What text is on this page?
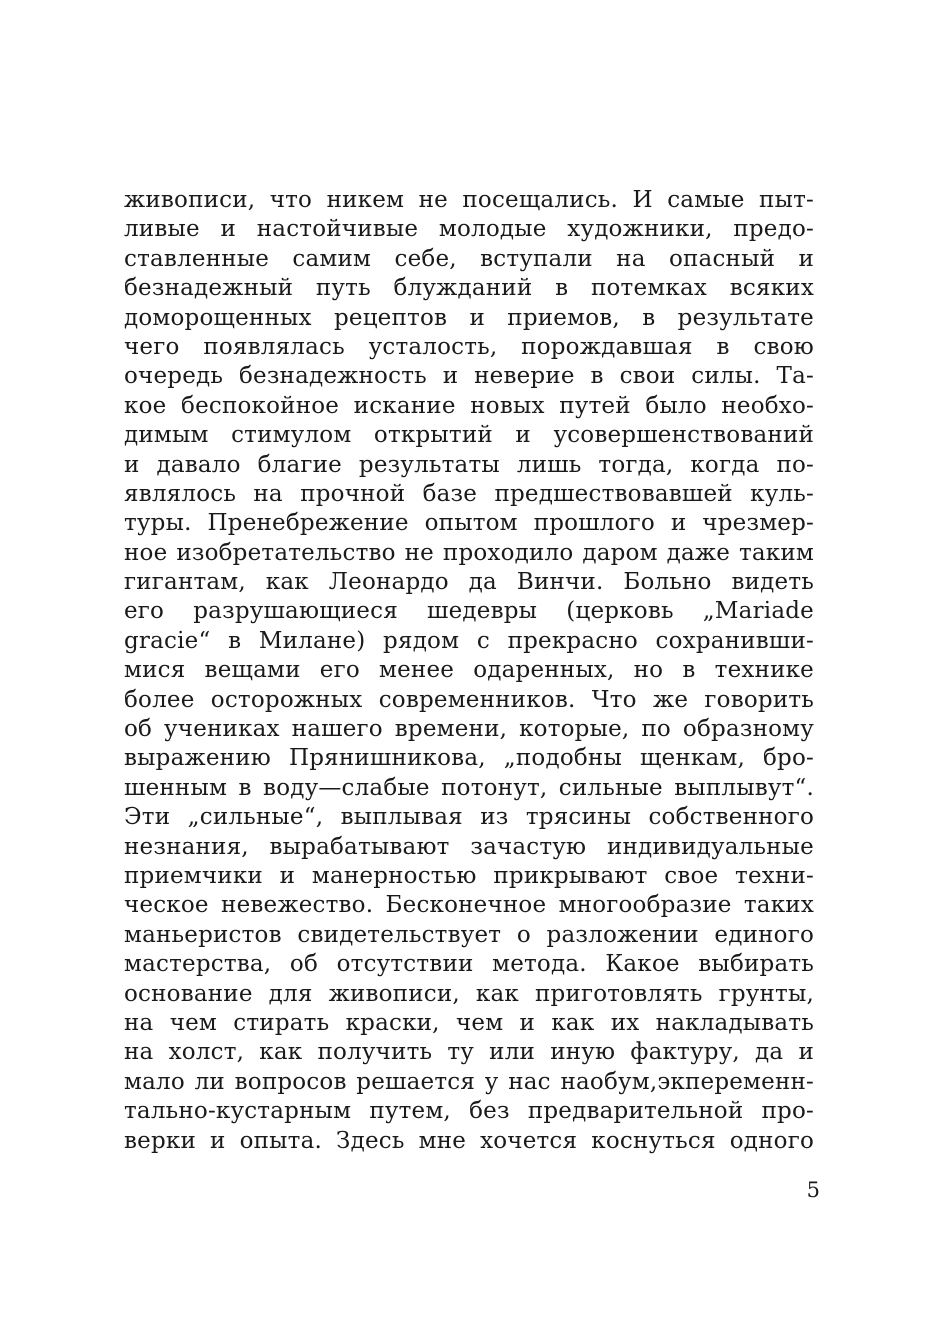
живописи, что никем не посещались. И самые пыт-
ливые и настойчивые молодые художники, предо-
ставленные самим себе, вступали на опасный и
безнадежный путь блужданий в потемках всяких
доморощенных рецептов и приемов, в результате
чего появлялась усталость, порождавшая в свою
очередь безнадежность и неверие в свои силы. Та-
кое беспокойное искание новых путей было необхо-
димым стимулом открытий и усовершенствований
и давало благие результаты лишь тогда, когда по-
являлось на прочной базе предшествовавшей куль-
туры. Пренебрежение опытом прошлого и чрезмер-
ное изобретательство не проходило даром даже таким
гигантам, как Леонардо да Винчи. Больно видеть
его разрушающиеся шедевры (церковь „Mariade
gracie“ в Милане) рядом с прекрасно сохранивши-
мися вещами его менее одаренных, но в технике
более осторожных современников. Что же говорить
об учениках нашего времени, которые, по образному
выражению Прянишникова, „подобны щенкам, бро-
шенным в воду—слабые потонут, сильные выплывут“.
Эти „сильные“, выплывая из трясины собственного
незнания, вырабатывают зачастую индивидуальные
приемчики и манерностью прикрывают свое техни-
ческое невежество. Бесконечное многообразие таких
маньеристов свидетельствует о разложении единого
мастерства, об отсутствии метода. Какое выбирать
основание для живописи, как приготовлять грунты,
на чем стирать краски, чем и как их накладывать
на холст, как получить ту или иную фактуру, да и
мало ли вопросов решается у нас наобум,экпеременн-
тально-кустарным путем, без предварительной про-
верки и опыта. Здесь мне хочется коснуться одного
5
